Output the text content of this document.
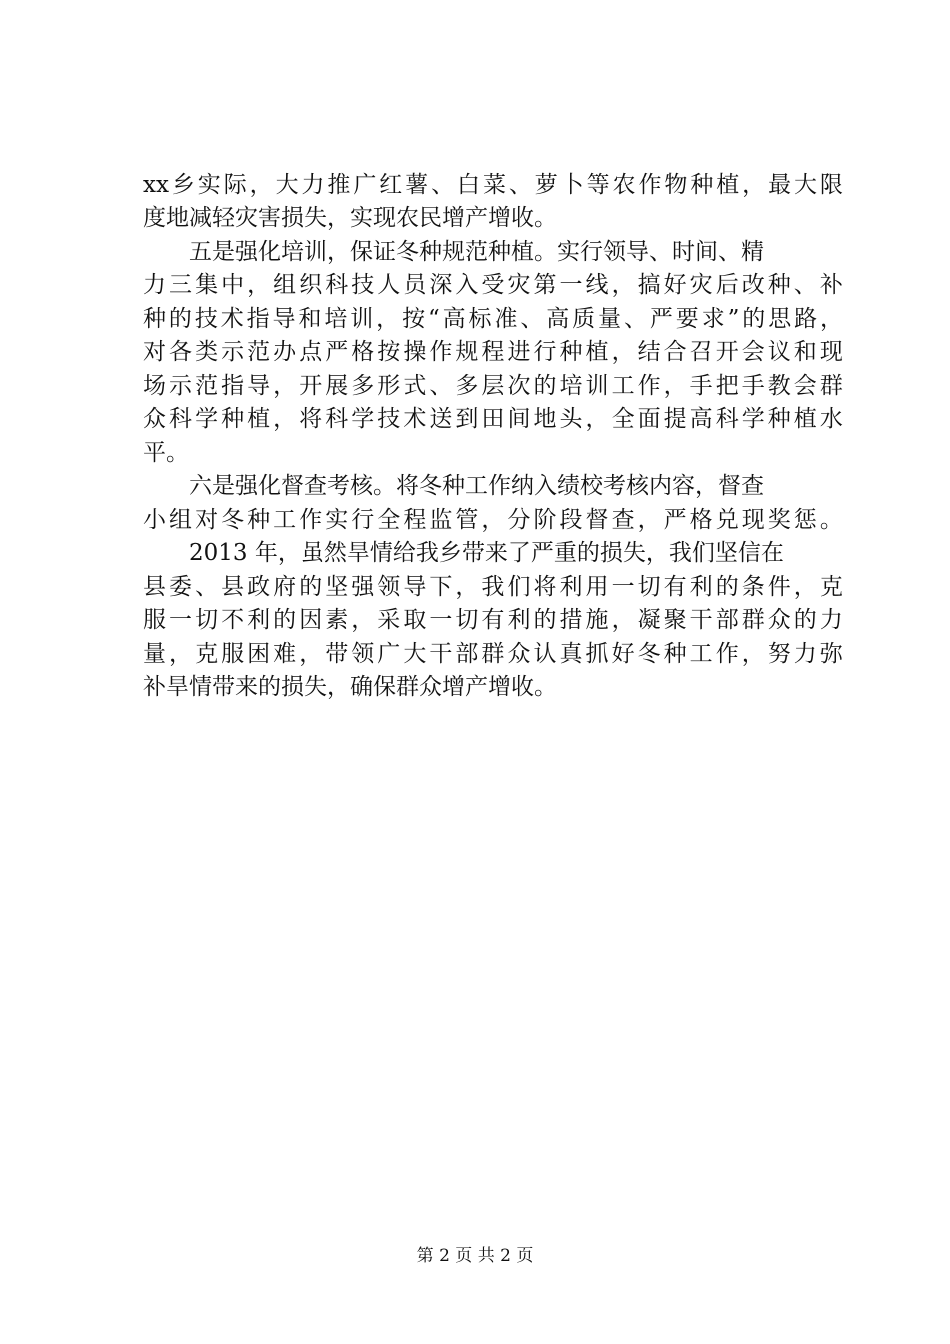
xx 乡 实 际 ， 大 力 推 广 红 薯 、 白 菜 、 萝 卜 等 农 作 物 种 植 ， 最 大 限
度地减轻灾害损失，实现农民增产增收。
　　五是强化培训，保证冬种规范种植。实行领导、时间、精
力 三 集 中 ， 组 织 科 技 人 员 深 入 受 灾 第 一 线 ， 搞 好 灾 后 改 种 、 补
种 的 技 术 指 导 和 培 训 ， 按 “ 高 标 准 、 高 质 量 、 严 要 求 ” 的 思 路 ，
对 各 类 示 范 办 点 严 格 按 操 作 规 程 进 行 种 植 ， 结 合 召 开 会 议 和 现
场 示 范 指 导 ， 开 展 多 形 式 、 多 层 次 的 培 训 工 作 ， 手 把 手 教 会 群
众 科 学 种 植 ， 将 科 学 技 术 送 到 田 间 地 头 ， 全 面 提 高 科 学 种 植 水
平。
　　六是强化督查考核。将冬种工作纳入绩校考核内容，督查
小 组 对 冬 种 工 作 实 行 全 程 监 管 ， 分 阶 段 督 查 ， 严 格 兑 现 奖 惩 。
　　2013 年，虽然旱情给我乡带来了严重的损失，我们坚信在
县 委 、 县 政 府 的 坚 强 领 导 下 ， 我 们 将 利 用 一 切 有 利 的 条 件 ， 克
服 一 切 不 利 的 因 素 ， 采 取 一 切 有 利 的 措 施 ， 凝 聚 干 部 群 众 的 力
量 ， 克 服 困 难 ， 带 领 广 大 干 部 群 众 认 真 抓 好 冬 种 工 作 ， 努 力 弥
补旱情带来的损失，确保群众增产增收。
第 2 页 共 2 页
